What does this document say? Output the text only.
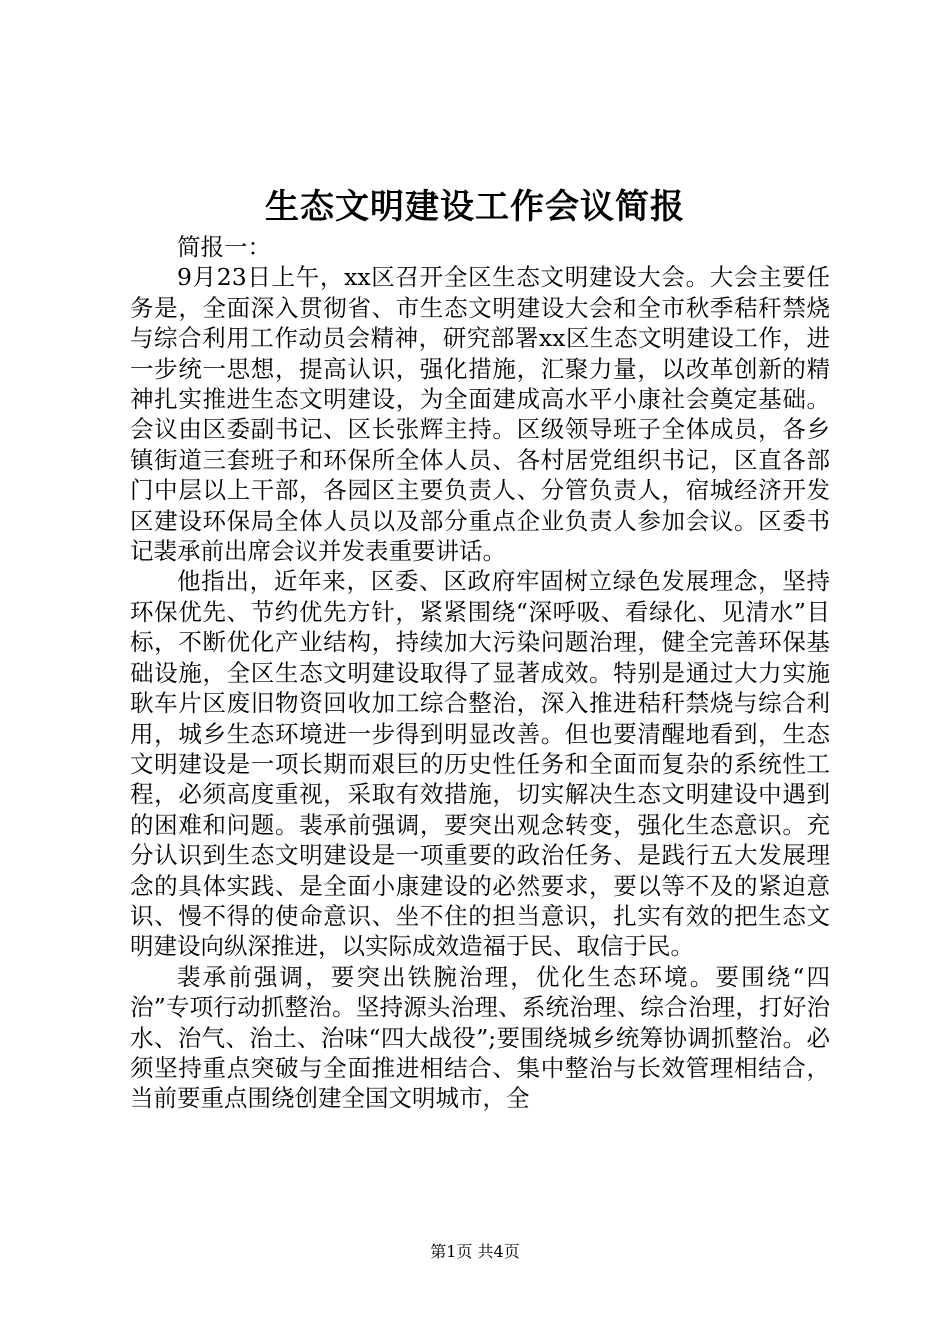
生态文明建设工作会议简报

简报一：

9月23日上午，xx区召开全区生态文明建设大会。大会主要任务是，全面深入贯彻省、市生态文明建设大会和全市秋季秸秆禁烧与综合利用工作动员会精神，研究部署xx区生态文明建设工作，进一步统一思想，提高认识，强化措施，汇聚力量，以改革创新的精神扎实推进生态文明建设，为全面建成高水平小康社会奠定基础。会议由区委副书记、区长张辉主持。区级领导班子全体成员，各乡镇街道三套班子和环保所全体人员、各村居党组织书记，区直各部门中层以上干部，各园区主要负责人、分管负责人，宿城经济开发区建设环保局全体人员以及部分重点企业负责人参加会议。区委书记裴承前出席会议并发表重要讲话。

他指出，近年来，区委、区政府牢固树立绿色发展理念，坚持环保优先、节约优先方针，紧紧围绕“深呼吸、看绿化、见清水”目标，不断优化产业结构，持续加大污染问题治理，健全完善环保基础设施，全区生态文明建设取得了显著成效。特别是通过大力实施耿车片区废旧物资回收加工综合整治，深入推进秸秆禁烧与综合利用，城乡生态环境进一步得到明显改善。但也要清醒地看到，生态文明建设是一项长期而艰巨的历史性任务和全面而复杂的系统性工程，必须高度重视，采取有效措施，切实解决生态文明建设中遇到的困难和问题。裴承前强调，要突出观念转变，强化生态意识。充分认识到生态文明建设是一项重要的政治任务、是践行五大发展理念的具体实践、是全面小康建设的必然要求，要以等不及的紧迫意识、慢不得的使命意识、坐不住的担当意识，扎实有效的把生态文明建设向纵深推进，以实际成效造福于民、取信于民。

裴承前强调，要突出铁腕治理，优化生态环境。要围绕“四治”专项行动抓整治。坚持源头治理、系统治理、综合治理，打好治水、治气、治土、治味“四大战役”;要围绕城乡统筹协调抓整治。必须坚持重点突破与全面推进相结合、集中整治与长效管理相结合，当前要重点围绕创建全国文明城市，全

第1页 共4页
